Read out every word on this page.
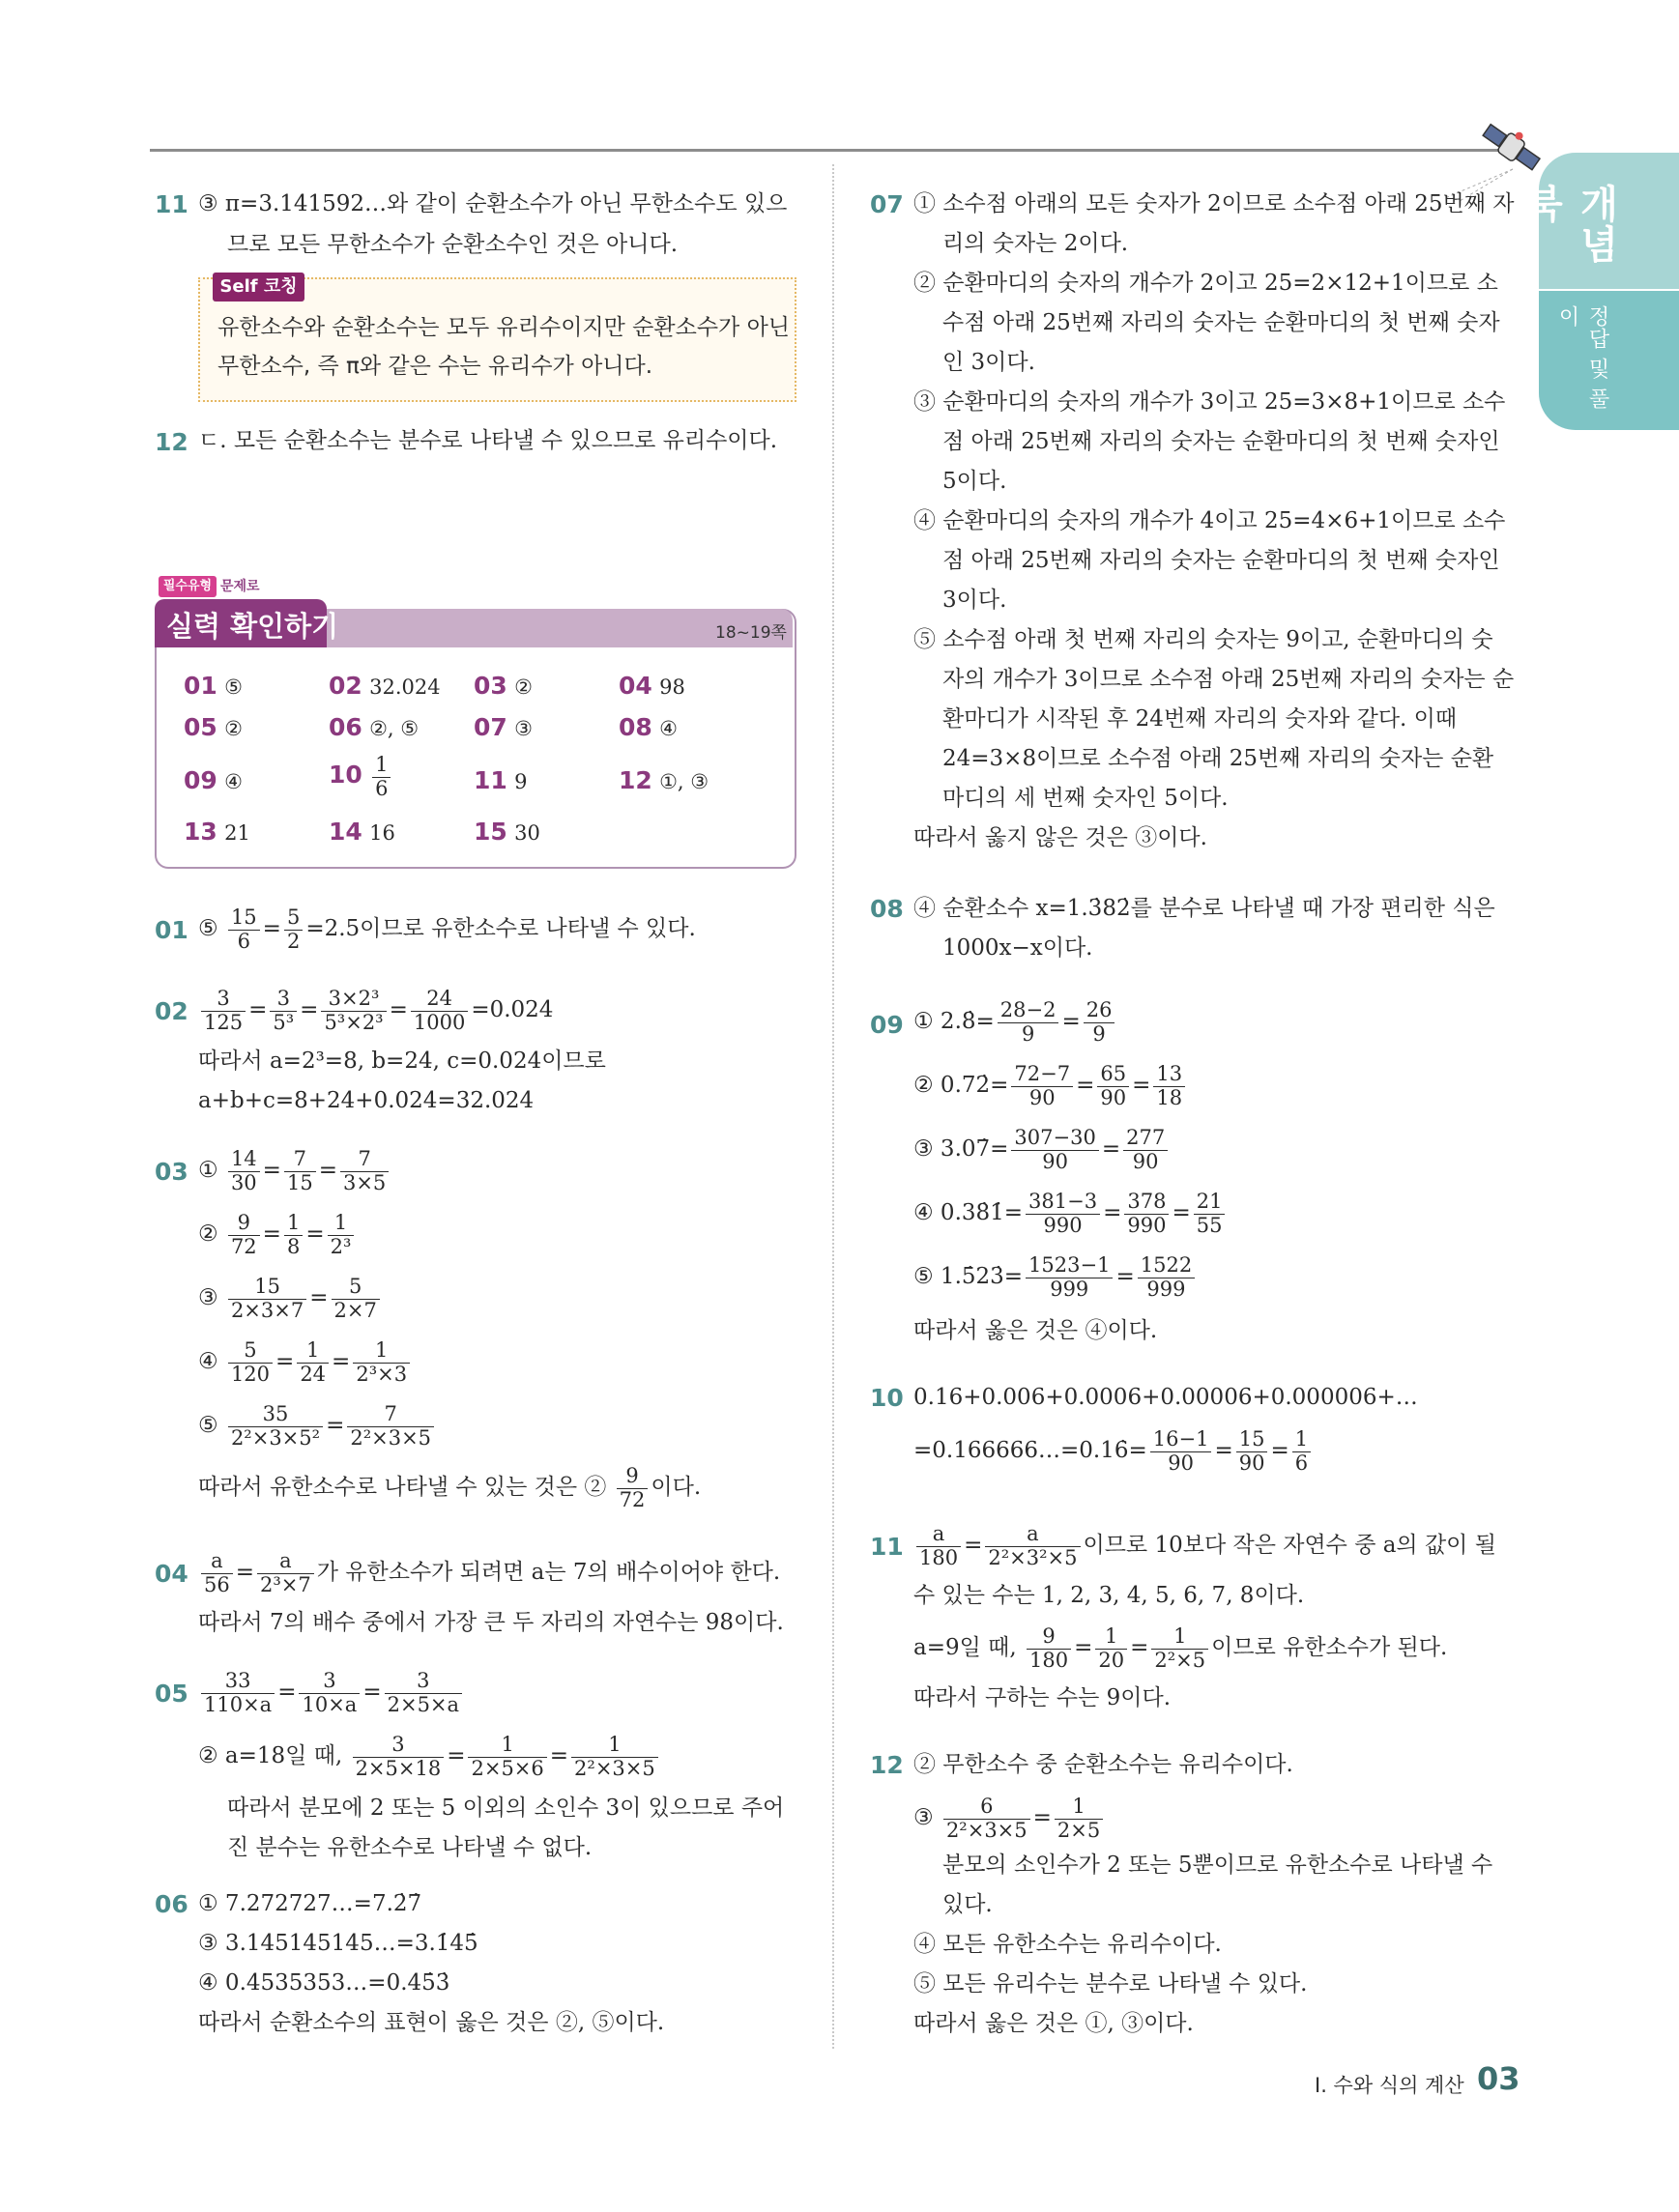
개념북
정답 및 풀이
11 ③ π=3.141592…와 같이 순환소수가 아닌 무한소수도 있으
므로 모든 무한소수가 순환소수인 것은 아니다.
Self 코칭
유한소수와 순환소수는 모두 유리수이지만 순환소수가 아닌
무한소수, 즉 π와 같은 수는 유리수가 아니다.
12 ㄷ. 모든 순환소수는 분수로 나타낼 수 있으므로 유리수이다.
실력 확인하기
필수유형 문제로
18~19쪽
01 ⑤	02 32.024 03 ②	04 98
05 ②	06 ②, ⑤ 07 ③	08 ④
09 ④	$10 \frac{1}{6}$	11 9	12 ①, ③
13 21	14 16	15 30
01 ⑤ $\frac{15}{6} = \frac{5}{2} =2.5$이므로 유한소수로 나타낼 수 있다.
$02 \frac{3}{125} = \frac{3}{\text{5³}} = \frac{\text{3×2³}}{\text{5³×2³}} = \frac{24}{1000} =0.024$
따라서 a=2³=8, b=24, c=0.024이므로
a+b+c=8+24+0.024=32.024
03 ① $\frac{14}{30} = \frac{7}{15} = \frac{7}{3\times 5}$
② $\frac{9}{72} = \frac{1}{8} = \frac{1}{\text{2³}}$
③ $\frac{15}{2\times 3\times 7} = \frac{5}{2\times 7}$
④ $\frac{5}{120} = \frac{1}{24} = \frac{1}{\text{2³×3}}$
⑤ $\frac{35}{\text{2²×3×5²}} = \frac{7}{\text{2²×3×5}}$
따라서 유한소수로 나타낼 수 있는 것은 ② $\frac{9}{72}$ 이다.
$04 \frac{a}{56} = \frac{a}{\text{2³×7}}$ 가 유한소수가 되려면 a는 7의 배수이어야 한다.
따라서 7의 배수 중에서 가장 큰 두 자리의 자연수는 98이다.
$05 \frac{33}{110\times a} = \frac{3}{10\times a} = \frac{3}{2\times 5\times a}$
② a=18일 때, $\frac{3}{2\times 5\times 18} = \frac{1}{2\times 5\times 6} = \frac{1}{\text{2²×3×5}}$
따라서 분모에 2 또는 5 이외의 소인수 3이 있으므로 주어
진 분수는 유한소수로 나타낼 수 없다.
06 ① 7.272727…=7.2̇7̇
③ 3.145145145…=3.1̇45̇
④ 0.4535353…=0.45̇3̇
따라서 순환소수의 표현이 옳은 것은 ②, ⑤이다.
07 ① 소수점 아래의 모든 숫자가 2이므로 소수점 아래 25번째 자
리의 숫자는 2이다.
② 순환마디의 숫자의 개수가 2이고 25=2×12+1이므로 소
수점 아래 25번째 자리의 숫자는 순환마디의 첫 번째 숫자
인 3이다.
③ 순환마디의 숫자의 개수가 3이고 25=3×8+1이므로 소수
점 아래 25번째 자리의 숫자는 순환마디의 첫 번째 숫자인
5이다.
④ 순환마디의 숫자의 개수가 4이고 25=4×6+1이므로 소수
점 아래 25번째 자리의 숫자는 순환마디의 첫 번째 숫자인
3이다.
⑤ 소수점 아래 첫 번째 자리의 숫자는 9이고, 순환마디의 숫
자의 개수가 3이므로 소수점 아래 25번째 자리의 숫자는 순
환마디가 시작된 후 24번째 자리의 숫자와 같다. 이때
24=3×8이므로 소수점 아래 25번째 자리의 숫자는 순환
마디의 세 번째 숫자인 5이다.
따라서 옳지 않은 것은 ③이다.
08 ④ 순환소수 x=1.3̇82̇를 분수로 나타낼 때 가장 편리한 식은
1000x−x이다.
09 ① 2.8̇= $\frac{28-2}{9} = \frac{26}{9}$
② 0.72̇= $\frac{72-7}{90} = \frac{65}{90} = \frac{13}{18}$
③ 3.07̇= $\frac{307-30}{90} = \frac{277}{90}$
④ 0.38̇1̇= $\frac{381-3}{990} = \frac{378}{990} = \frac{21}{55}$
⑤ 1.5̇23̇= $\frac{1523-1}{999} = \frac{1522}{999}$
따라서 옳은 것은 ④이다.
10 0.16+0.006+0.0006+0.00006+0.000006+…
=0.166666…=0.16̇= $\frac{16-1}{90} = \frac{15}{90} = \frac{1}{6}$
$11 \frac{a}{180} = \frac{a}{\text{2²×3²×5}}$ 이므로 10보다 작은 자연수 중 a의 값이 될
수 있는 수는 1, 2, 3, 4, 5, 6, 7, 8이다.
a=9일 때, $\frac{9}{180} = \frac{1}{20} = \frac{1}{\text{2²×5}}$ 이므로 유한소수가 된다.
따라서 구하는 수는 9이다.
12 ② 무한소수 중 순환소수는 유리수이다.
③ $\frac{6}{\text{2²×3×5}} = \frac{1}{2\times 5}$
분모의 소인수가 2 또는 5뿐이므로 유한소수로 나타낼 수
있다.
④ 모든 유한소수는 유리수이다.
⑤ 모든 유리수는 분수로 나타낼 수 있다.
따라서 옳은 것은 ①, ③이다.
Ⅰ. 수와 식의 계산 03
